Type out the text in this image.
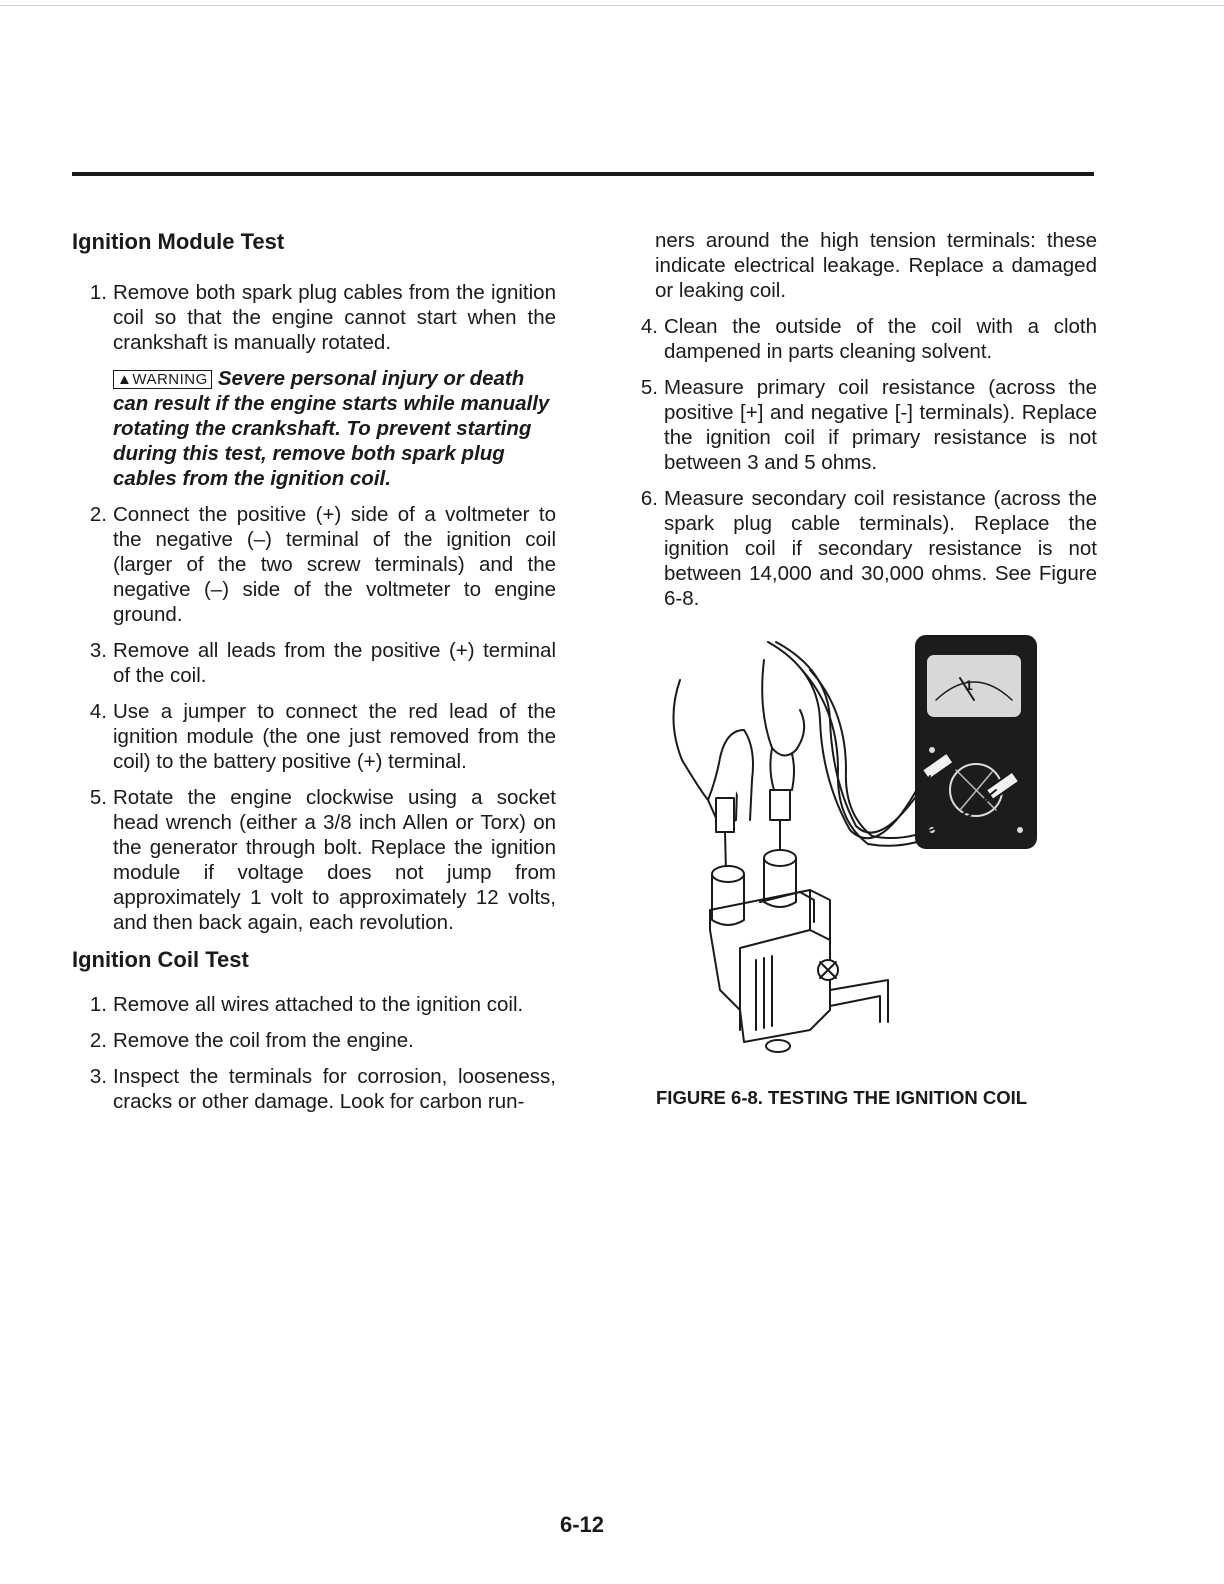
Ignition Module Test
1. Remove both spark plug cables from the ignition coil so that the engine cannot start when the crankshaft is manually rotated.
▲WARNING Severe personal injury or death can result if the engine starts while manually rotating the crankshaft. To prevent starting during this test, remove both spark plug cables from the ignition coil.
2. Connect the positive (+) side of a voltmeter to the negative (–) terminal of the ignition coil (larger of the two screw terminals) and the negative (–) side of the voltmeter to engine ground.
3. Remove all leads from the positive (+) terminal of the coil.
4. Use a jumper to connect the red lead of the ignition module (the one just removed from the coil) to the battery positive (+) terminal.
5. Rotate the engine clockwise using a socket head wrench (either a 3/8 inch Allen or Torx) on the generator through bolt. Replace the ignition module if voltage does not jump from approximately 1 volt to approximately 12 volts, and then back again, each revolution.
Ignition Coil Test
1. Remove all wires attached to the ignition coil.
2. Remove the coil from the engine.
3. Inspect the terminals for corrosion, looseness, cracks or other damage. Look for carbon run-
ners around the high tension terminals: these indicate electrical leakage. Replace a damaged or leaking coil.
4. Clean the outside of the coil with a cloth dampened in parts cleaning solvent.
5. Measure primary coil resistance (across the positive [+] and negative [-] terminals). Replace the ignition coil if primary resistance is not between 3 and 5 ohms.
6. Measure secondary coil resistance (across the spark plug cable terminals). Replace the ignition coil if secondary resistance is not between 14,000 and 30,000 ohms. See Figure 6-8.
1
FIGURE 6-8. TESTING THE IGNITION COIL
6-12
